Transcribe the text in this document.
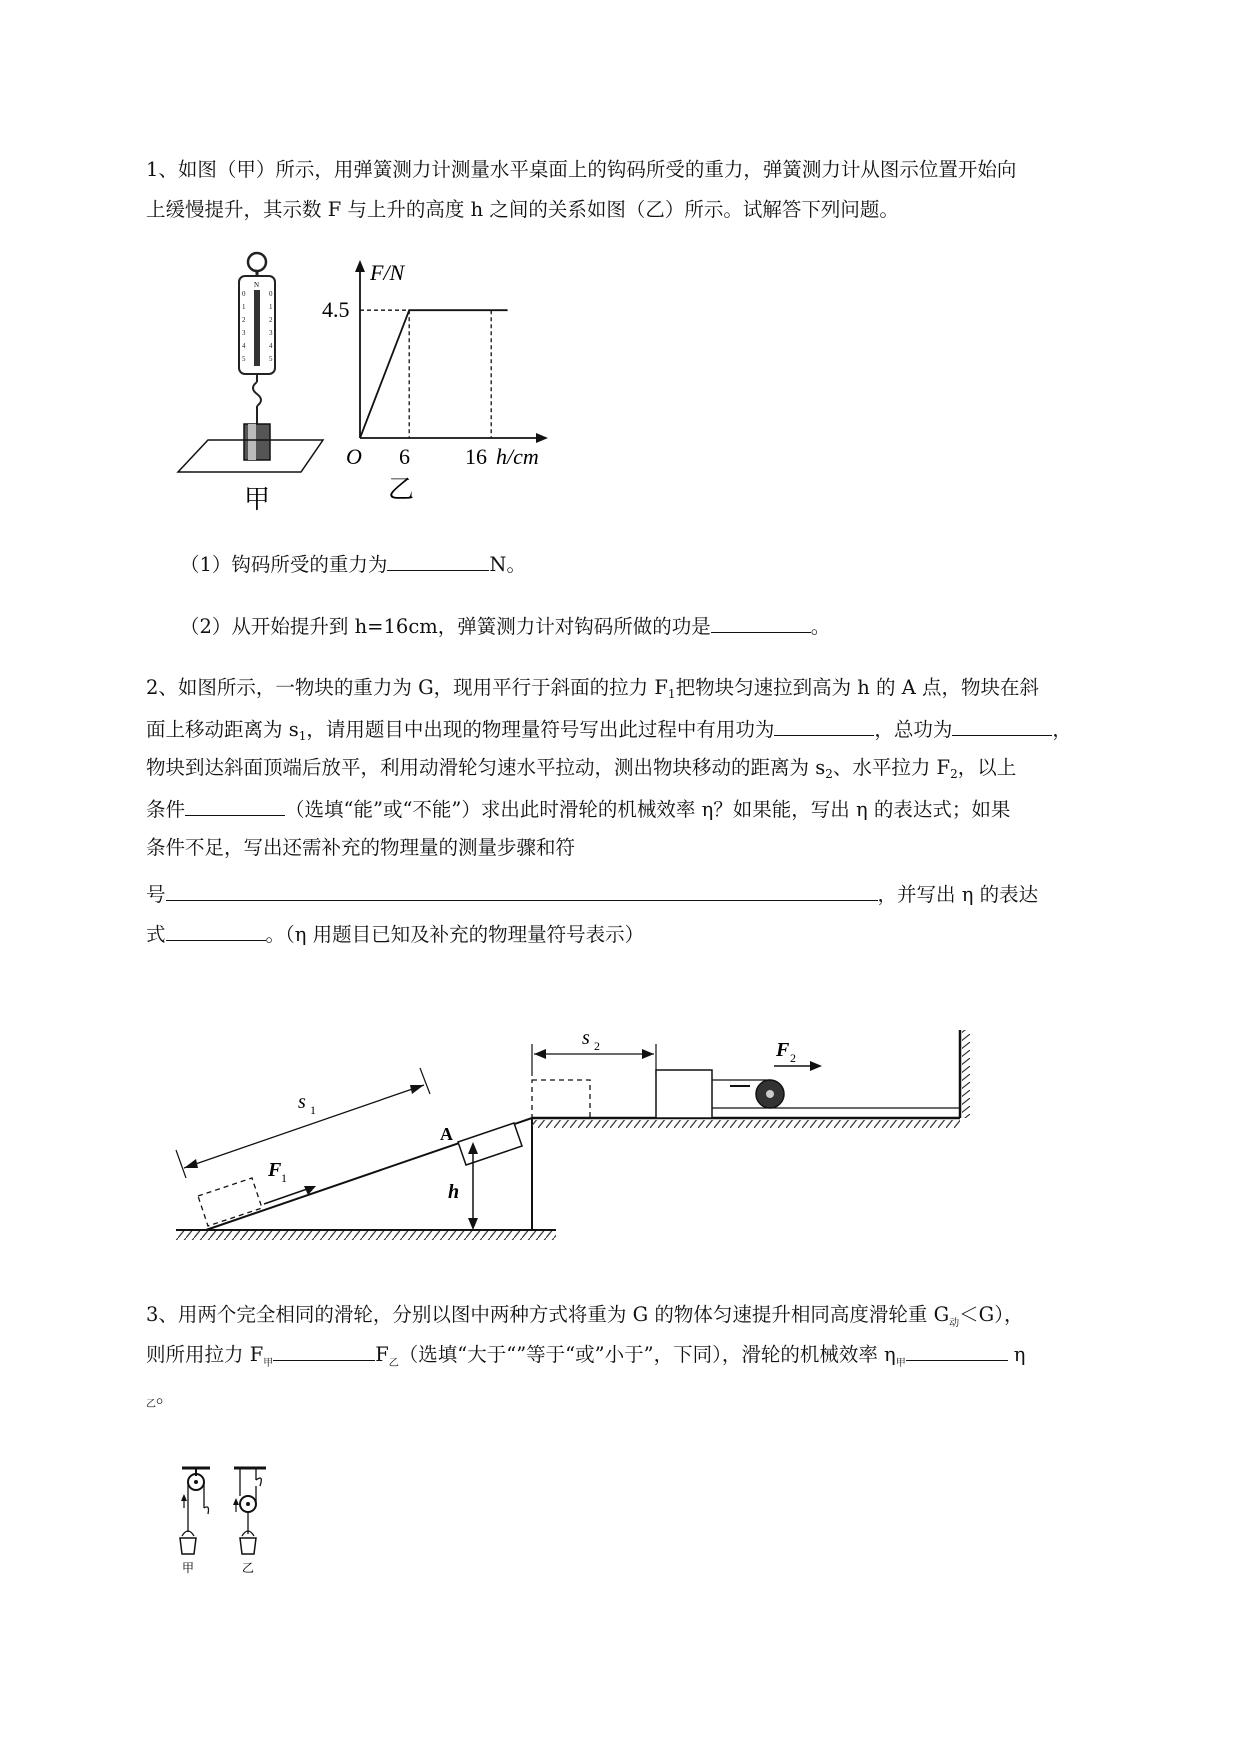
1、如图（甲）所示，用弹簧测力计测量水平桌面上的钩码所受的重力，弹簧测力计从图示位置开始向
上缓慢提升，其示数 F 与上升的高度 h 之间的关系如图（乙）所示。试解答下列问题。
N
0
1
2
3
4
5
0
1
2
3
4
5
甲
F/N
4.5
O 6	16 h/cm
乙
（1）钩码所受的重力为	N。
（2）从开始提升到 h=16cm，弹簧测力计对钩码所做的功是	。
2、如图所示，一物块的重力为 G，现用平行于斜面的拉力 $F_1$把物块匀速拉到高为 h 的 A 点，物块在斜
面上移动距离为 $s_1$，请用题目中出现的物理量符号写出此过程中有用功为	，总功为	，
物块到达斜面顶端后放平，利用动滑轮匀速水平拉动，测出物块移动的距离为 $s_2$、水平拉力 $F_2$，以上
条件	（选填“能”或“不能”）求出此时滑轮的机械效率 η？如果能，写出 η 的表达式；如果
条件不足，写出还需补充的物理量的测量步骤和符
号	，并写出 η 的表达
式	。（η 用题目已知及补充的物理量符号表示）
s 1
F 1
A
h
s 2	F 2
3、用两个完全相同的滑轮，分别以图中两种方式将重为 G 的物体匀速提升相同高度滑轮重 $G_动<G$），
则所用拉力 $F_甲$	$F_乙$（选填“大于“”等于“或”小于”，下同），滑轮的机械效率 $\eta_甲$	η
$_乙$。
甲	乙
